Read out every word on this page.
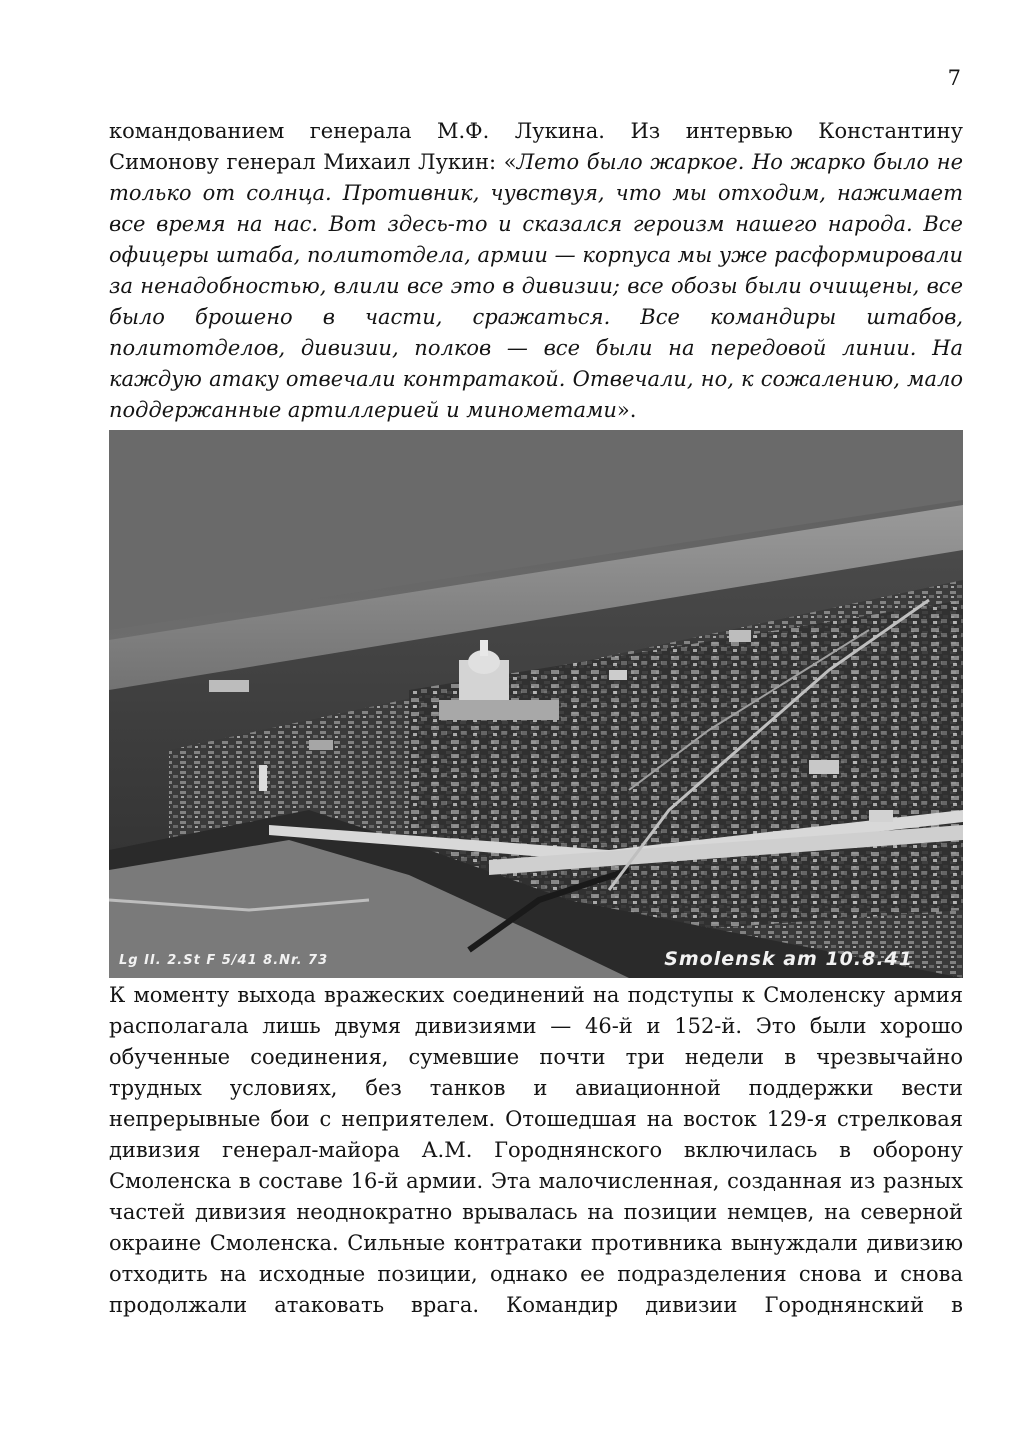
7

командованием генерала М.Ф. Лукина. Из интервью Константину Симонову генерал Михаил Лукин: «Лето было жаркое. Но жарко было не только от солнца. Противник, чувствуя, что мы отходим, нажимает все время на нас. Вот здесь-то и сказался героизм нашего народа. Все офицеры штаба, политотдела, армии — корпуса мы уже расформировали за ненадобностью, влили все это в дивизии; все обозы были очищены, все было брошено в части, сражаться. Все командиры штабов, политотделов, дивизии, полков — все были на передовой линии. На каждую атаку отвечали контратакой. Отвечали, но, к сожалению, мало поддержанные артиллерией и минометами».

Lg II. 2.St F 5/41 8.Nr. 73	Smolensk am 10.8.41

К моменту выхода вражеских соединений на подступы к Смоленску армия располагала лишь двумя дивизиями — 46-й и 152-й. Это были хорошо обученные соединения, сумевшие почти три недели в чрезвычайно трудных условиях, без танков и авиационной поддержки вести непрерывные бои с неприятелем. Отошедшая на восток 129-я стрелковая дивизия генерал-майора А.М. Городнянского включилась в оборону Смоленска в составе 16-й армии. Эта малочисленная, созданная из разных частей дивизия неоднократно врывалась на позиции немцев, на северной окраине Смоленска. Сильные контратаки противника вынуждали дивизию отходить на исходные позиции, однако ее подразделения снова и снова продолжали атаковать врага. Командир дивизии Городнянский в
